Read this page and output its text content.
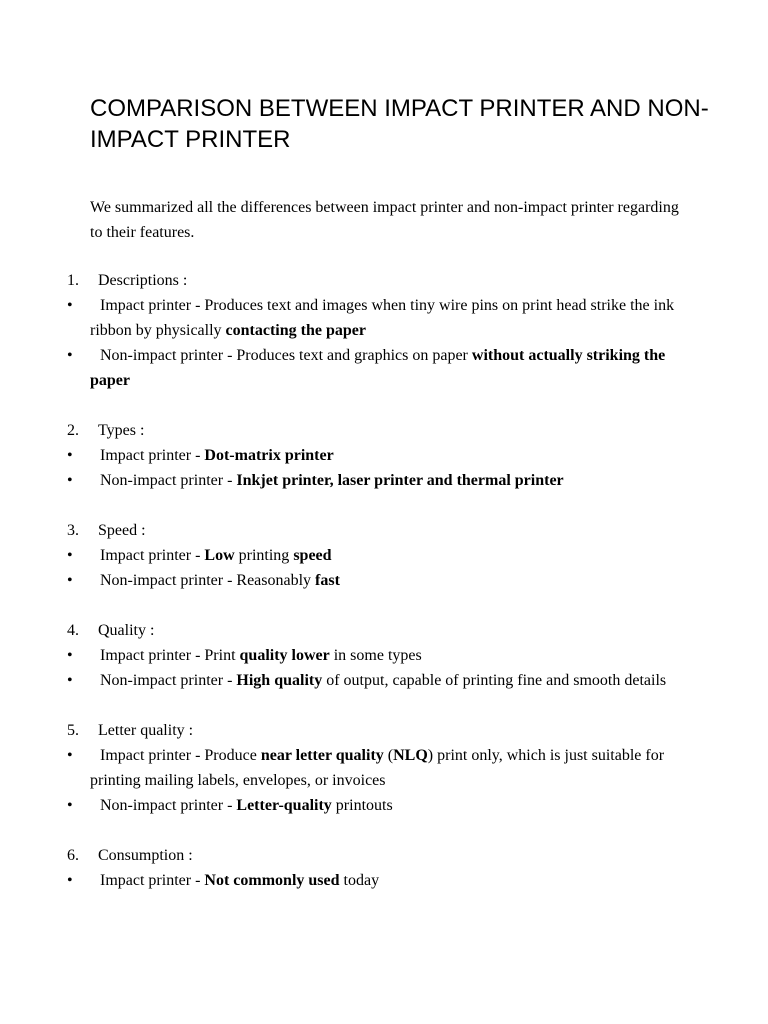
COMPARISON BETWEEN IMPACT PRINTER AND NON-IMPACT PRINTER

We summarized all the differences between impact printer and non-impact printer regarding to their features.

1. Descriptions :

•	Impact printer - Produces text and images when tiny wire pins on print head strike the ink ribbon by physically contacting the paper

•	Non-impact printer - Produces text and graphics on paper without actually striking the paper

2. Types :

•	Impact printer - Dot-matrix printer

•	Non-impact printer - Inkjet printer, laser printer and thermal printer

3. Speed :

•	Impact printer - Low printing speed

•	Non-impact printer - Reasonably fast

4. Quality :

•	Impact printer - Print quality lower in some types

•	Non-impact printer - High quality of output, capable of printing fine and smooth details

5. Letter quality :

•	Impact printer - Produce near letter quality (NLQ) print only, which is just suitable for printing mailing labels, envelopes, or invoices

•	Non-impact printer - Letter-quality printouts

6. Consumption :

•	Impact printer - Not commonly used today
